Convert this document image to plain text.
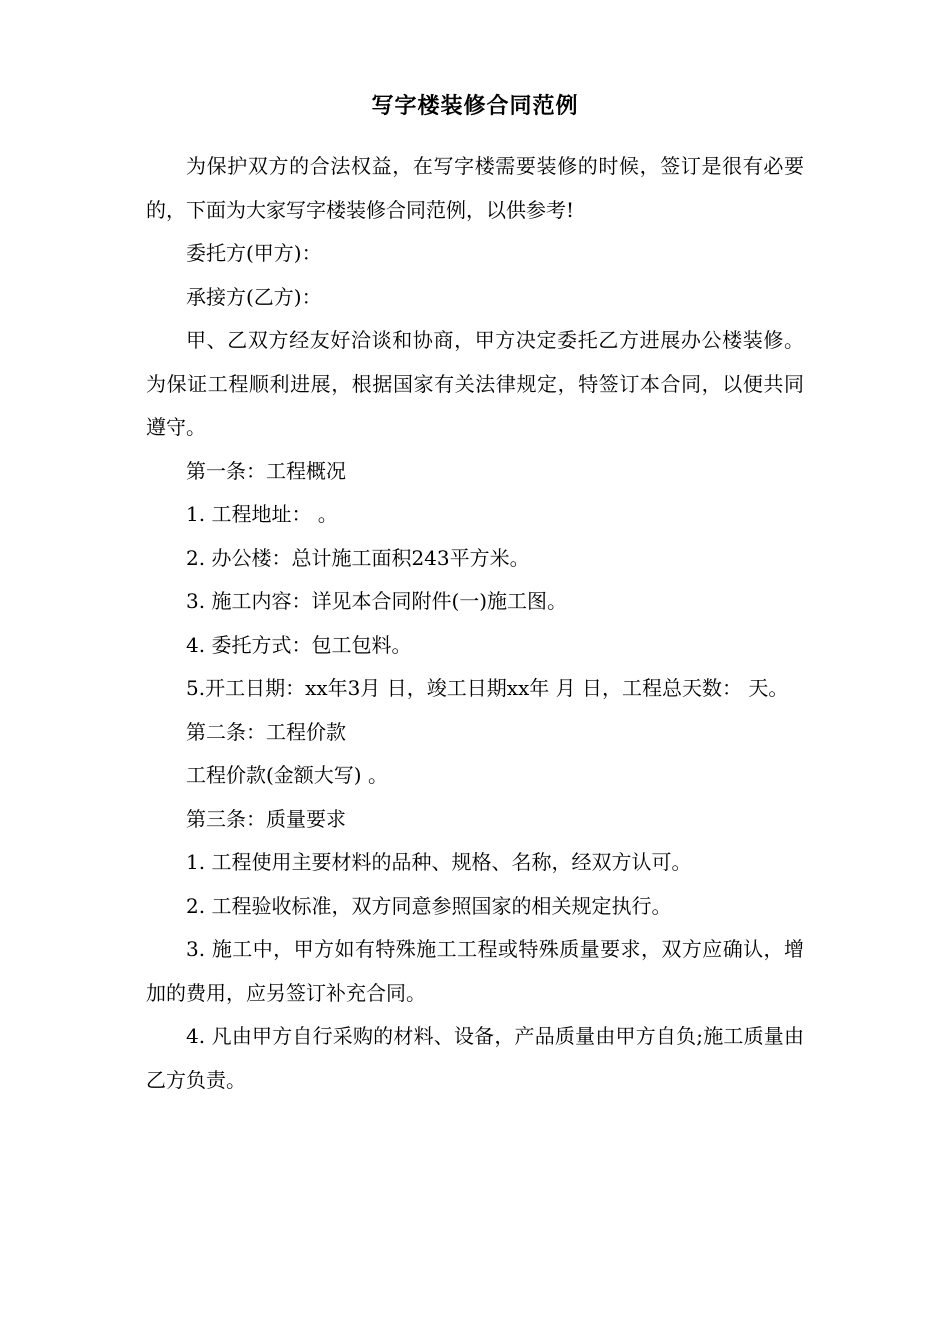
写字楼装修合同范例

为保护双方的合法权益，在写字楼需要装修的时候，签订是很有必要的，下面为大家写字楼装修合同范例，以供参考!

委托方(甲方)：

承接方(乙方)：

甲、乙双方经友好洽谈和协商，甲方决定委托乙方进展办公楼装修。为保证工程顺利进展，根据国家有关法律规定，特签订本合同，以便共同遵守。

第一条：工程概况

1. 工程地址： 。

2. 办公楼：总计施工面积243平方米。

3. 施工内容：详见本合同附件(一)施工图。

4. 委托方式：包工包料。

5.开工日期：xx年3月 日，竣工日期xx年 月 日，工程总天数： 天。

第二条：工程价款

工程价款(金额大写) 。

第三条：质量要求

1. 工程使用主要材料的品种、规格、名称，经双方认可。

2. 工程验收标准，双方同意参照国家的相关规定执行。

3. 施工中，甲方如有特殊施工工程或特殊质量要求，双方应确认，增加的费用，应另签订补充合同。

4. 凡由甲方自行采购的材料、设备，产品质量由甲方自负;施工质量由乙方负责。
